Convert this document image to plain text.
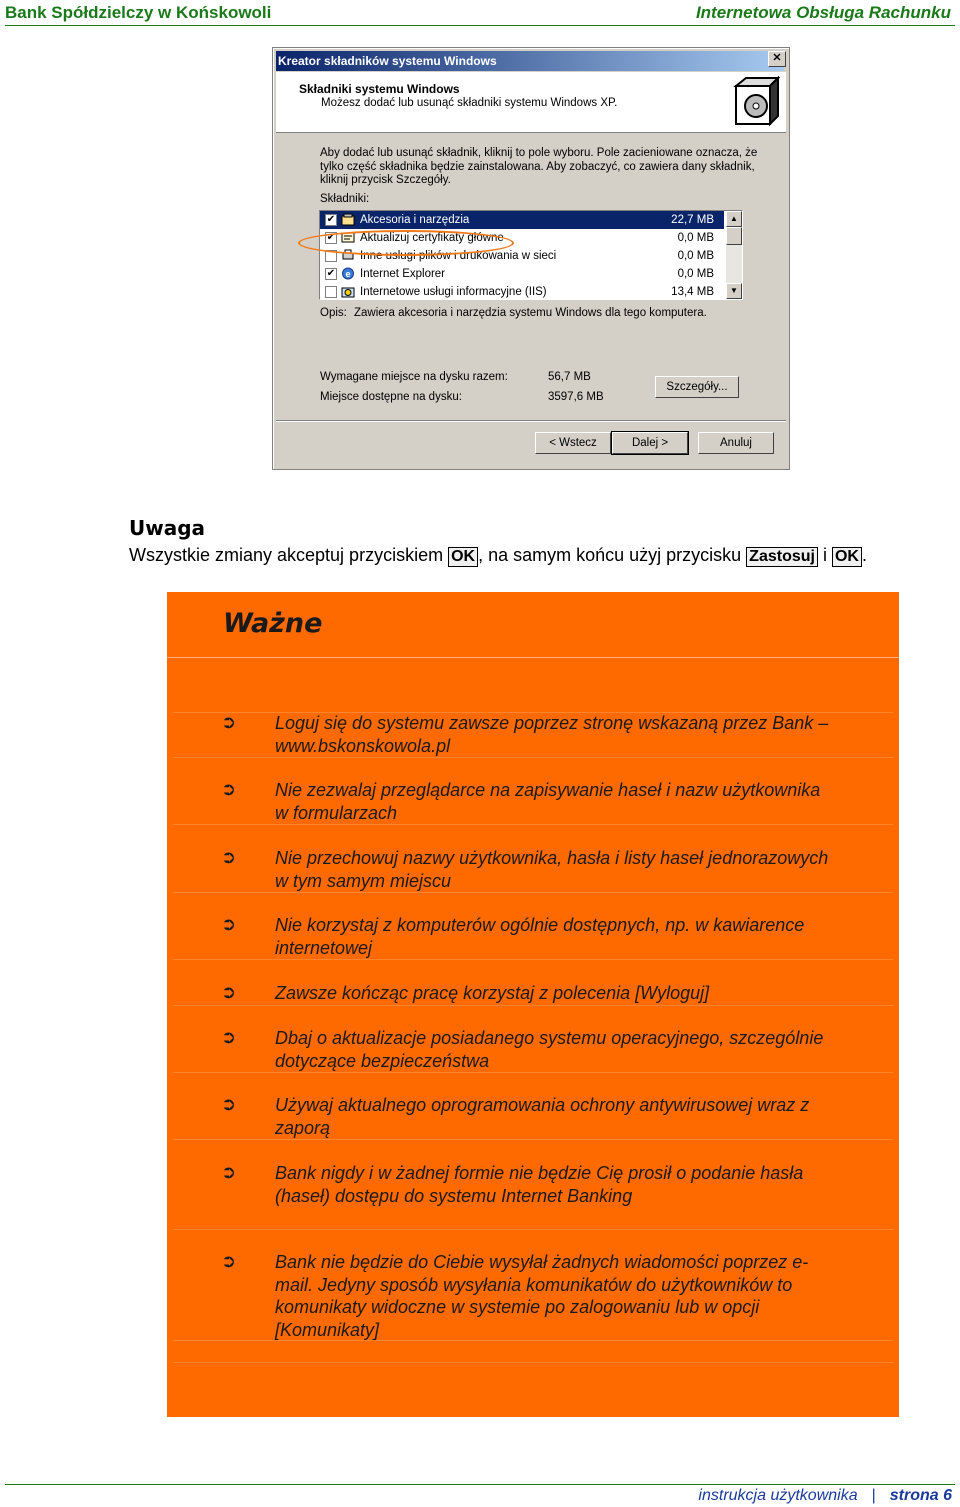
Bank Spółdzielczy w Końskowoli	Internetowa Obsługa Rachunku
Kreator składników systemu Windows	✕
Składniki systemu Windows
Możesz dodać lub usunąć składniki systemu Windows XP.
Aby dodać lub usunąć składnik, kliknij to pole wyboru. Pole zacieniowane oznacza, że tylko część składnika będzie zainstalowana. Aby zobaczyć, co zawiera dany składnik, kliknij przycisk Szczegóły.
Składniki:
✔ Akcesoria i narzędzia	22,7 MB
✔ Aktualizuj certyfikaty główne	0,0 MB
Inne usługi plików i drukowania w sieci	0,0 MB
✔ e Internet Explorer	0,0 MB
Internetowe usługi informacyjne (IIS)	13,4 MB
▲
▼
Opis: Zawiera akcesoria i narzędzia systemu Windows dla tego komputera.
Wymagane miejsce na dysku razem:	56,7 MB
Miejsce dostępne na dysku:	3597,6 MB
Szczegóły...
< Wstecz	Dalej >	Anuluj
Uwaga
Wszystkie zmiany akceptuj przyciskiem OK , na samym końcu użyj przycisku Zastosuj i OK .
Ważne
➲ Loguj się do systemu zawsze poprzez stronę wskazaną przez Bank – www.bskonskowola.pl
➲ Nie zezwalaj przeglądarce na zapisywanie haseł i nazw użytkownika w formularzach
➲ Nie przechowuj nazwy użytkownika, hasła i listy haseł jednorazowych w tym samym miejscu
➲ Nie korzystaj z komputerów ogólnie dostępnych, np. w kawiarence internetowej
➲ Zawsze kończąc pracę korzystaj z polecenia [Wyloguj]
➲ Dbaj o aktualizacje posiadanego systemu operacyjnego, szczególnie dotyczące bezpieczeństwa
➲ Używaj aktualnego oprogramowania ochrony antywirusowej wraz z zaporą
➲ Bank nigdy i w żadnej formie nie będzie Cię prosił o podanie hasła (haseł) dostępu do systemu Internet Banking
➲ Bank nie będzie do Ciebie wysyłał żadnych wiadomości poprzez e-mail. Jedyny sposób wysyłania komunikatów do użytkowników to komunikaty widoczne w systemie po zalogowaniu lub w opcji [Komunikaty]
instrukcja użytkownika | strona 6
